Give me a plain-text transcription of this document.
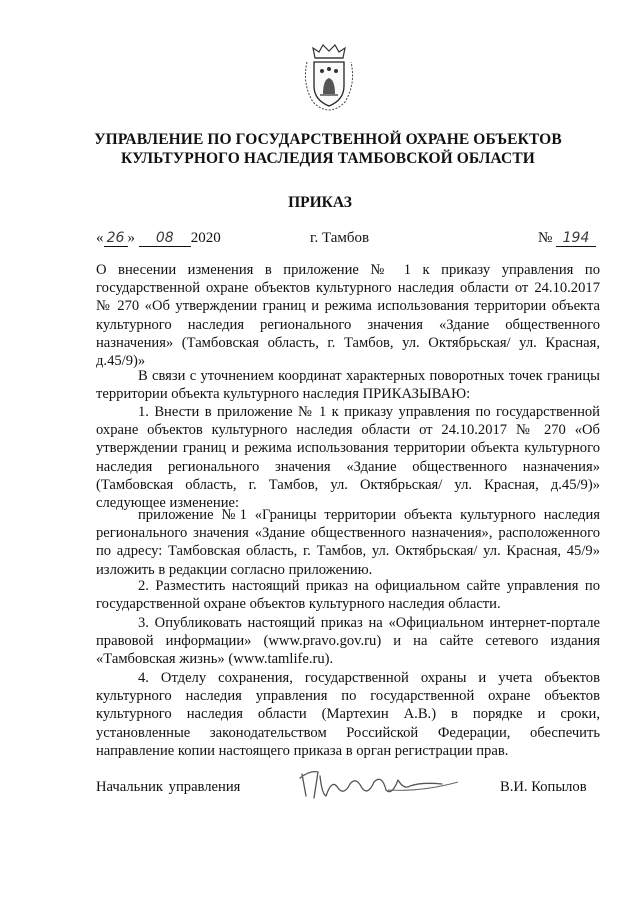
УПРАВЛЕНИЕ ПО ГОСУДАРСТВЕННОЙ ОХРАНЕ ОБЪЕКТОВ
КУЛЬТУРНОГО НАСЛЕДИЯ ТАМБОВСКОЙ ОБЛАСТИ
ПРИКАЗ
« 26 » 08 2020	г. Тамбов	№ 194

О внесении изменения в приложение № 1 к приказу управления по государственной охране объектов культурного наследия области от 24.10.2017 № 270 «Об утверждении границ и режима использования территории объекта культурного наследия регионального значения «Здание общественного назначения» (Тамбовская область, г. Тамбов, ул. Октябрьская/ ул. Красная, д.45/9)»

В связи с уточнением координат характерных поворотных точек границы территории объекта культурного наследия ПРИКАЗЫВАЮ:

1. Внести в приложение № 1 к приказу управления по государственной охране объектов культурного наследия области от 24.10.2017 № 270 «Об утверждении границ и режима использования территории объекта культурного наследия регионального значения «Здание общественного назначения» (Тамбовская область, г. Тамбов, ул. Октябрьская/ ул. Красная, д.45/9)» следующее изменение:

приложение №1 «Границы территории объекта культурного наследия регионального значения «Здание общественного назначения», расположенного по адресу: Тамбовская область, г. Тамбов, ул. Октябрьская/ ул. Красная, 45/9» изложить в редакции согласно приложению.

2. Разместить настоящий приказ на официальном сайте управления по государственной охране объектов культурного наследия области.

3. Опубликовать настоящий приказ на «Официальном интернет-портале правовой информации» (www.pravo.gov.ru) и на сайте сетевого издания «Тамбовская жизнь» (www.tamlife.ru).

4. Отделу сохранения, государственной охраны и учета объектов культурного наследия управления по государственной охране объектов культурного наследия области (Мартехин А.В.) в порядке и сроки, установленные законодательством Российской Федерации, обеспечить направление копии настоящего приказа в орган регистрации прав.

Начальник управления	В.И. Копылов
